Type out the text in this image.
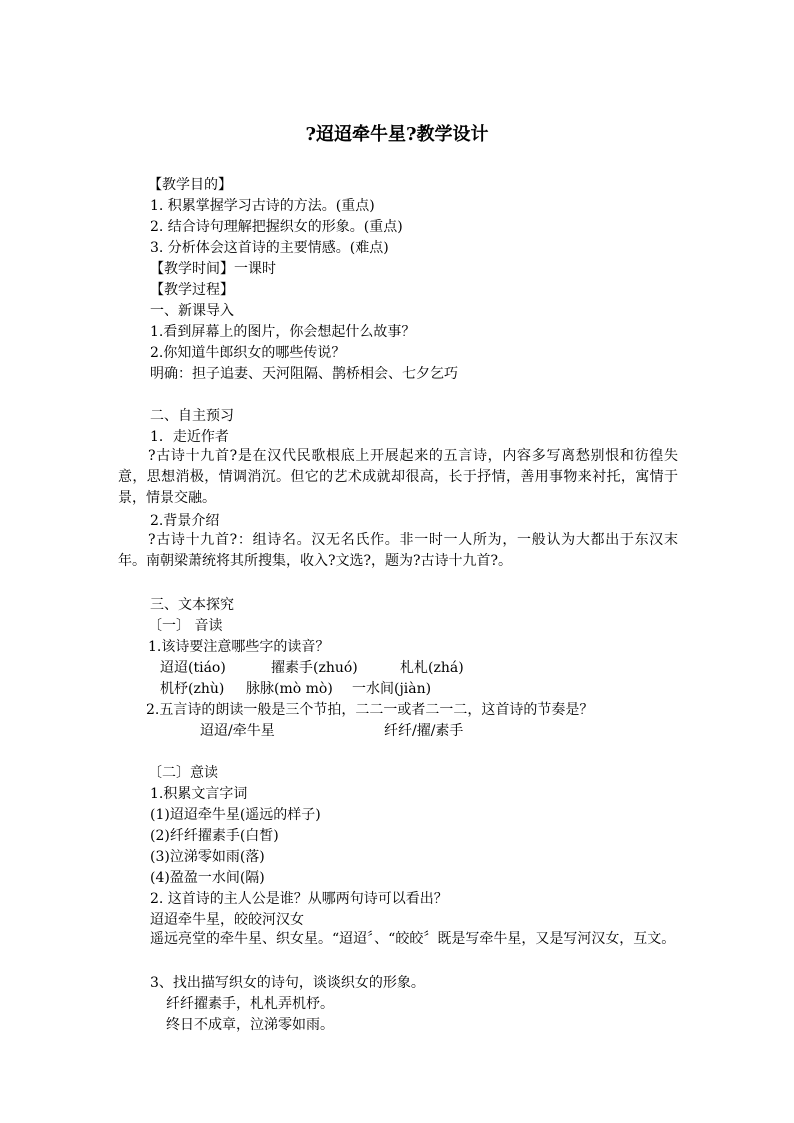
?迢迢牵牛星?教学设计
【教学目的】
1. 积累掌握学习古诗的方法。(重点)
2. 结合诗句理解把握织女的形象。(重点)
3. 分析体会这首诗的主要情感。(难点)
【教学时间】一课时
【教学过程】
一、新课导入
1.看到屏幕上的图片，你会想起什么故事？
2.你知道牛郎织女的哪些传说？
明确：担子追妻、天河阻隔、鹊桥相会、七夕乞巧
二、自主预习
1．走近作者
?古诗十九首?是在汉代民歌根底上开展起来的五言诗，内容多写离愁别恨和彷徨失意，思想消极，情调消沉。但它的艺术成就却很高，长于抒情，善用事物来衬托，寓情于景，情景交融。
2.背景介绍
?古诗十九首?：组诗名。汉无名氏作。非一时一人所为，一般认为大都出于东汉末年。南朝梁萧统将其所搜集，收入?文选?，题为?古诗十九首?。
三、文本探究
〔一〕 音读
1.该诗要注意哪些字的读音？
迢迢(tiáo)	擢素手(zhuó)	札札(zhá)
机杼(zhù) 脉脉(mò mò) 一水间(jiàn)
2.五言诗的朗读一般是三个节拍，二二一或者二一二，这首诗的节奏是？
迢迢/牵牛星	纤纤/擢/素手
〔二〕意读
1.积累文言字词
(1)迢迢牵牛星(遥远的样子)
(2)纤纤擢素手(白皙)
(3)泣涕零如雨(落)
(4)盈盈一水间(隔)
2. 这首诗的主人公是谁？从哪两句诗可以看出？
迢迢牵牛星，皎皎河汉女
遥远亮堂的牵牛星、织女星。“迢迢〞、“皎皎〞既是写牵牛星，又是写河汉女，互文。
3、找出描写织女的诗句，谈谈织女的形象。
纤纤擢素手，札札弄机杼。
终日不成章，泣涕零如雨。
